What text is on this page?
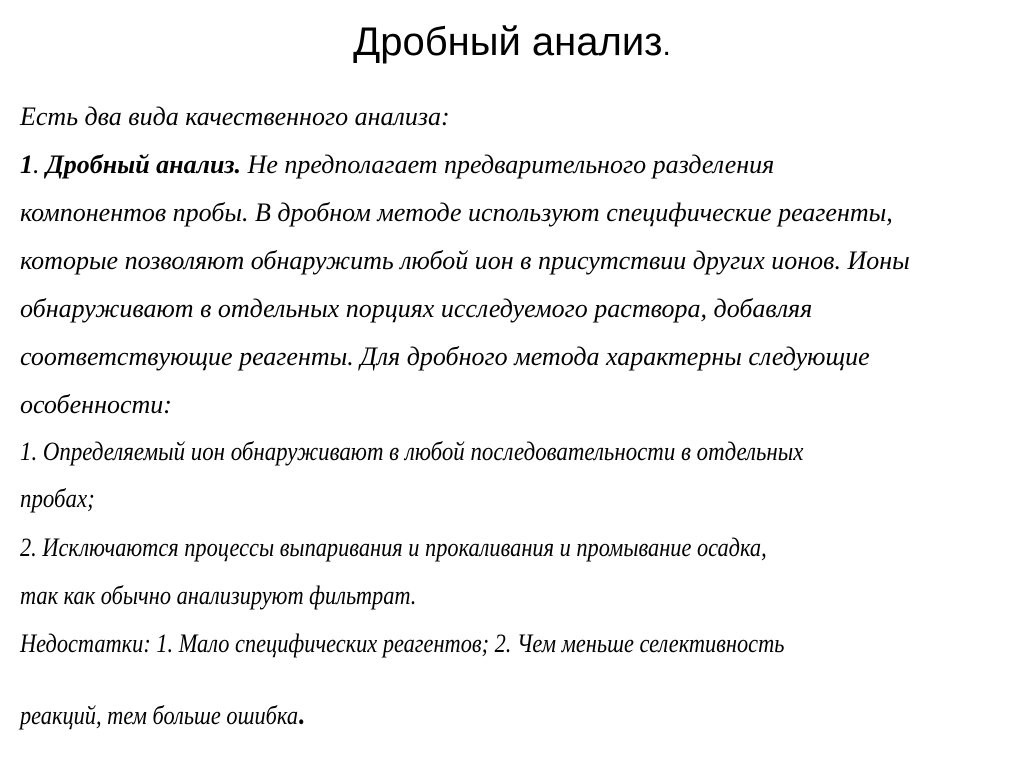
Дробный анализ.
Есть два вида качественного анализа:
1. Дробный анализ. Не предполагает предварительного разделения
компонентов пробы. В дробном методе используют специфические реагенты,
которые позволяют обнаружить любой ион в присутствии других ионов. Ионы
обнаруживают в отдельных порциях исследуемого раствора, добавляя
соответствующие реагенты. Для дробного метода характерны следующие
особенности:
1. Определяемый ион обнаруживают в любой последовательности в отдельных
пробах;
2. Исключаются процессы выпаривания и прокаливания и промывание осадка,
так как обычно анализируют фильтрат.
Недостатки: 1. Мало специфических реагентов; 2. Чем меньше селективность
реакций, тем больше ошибка.
